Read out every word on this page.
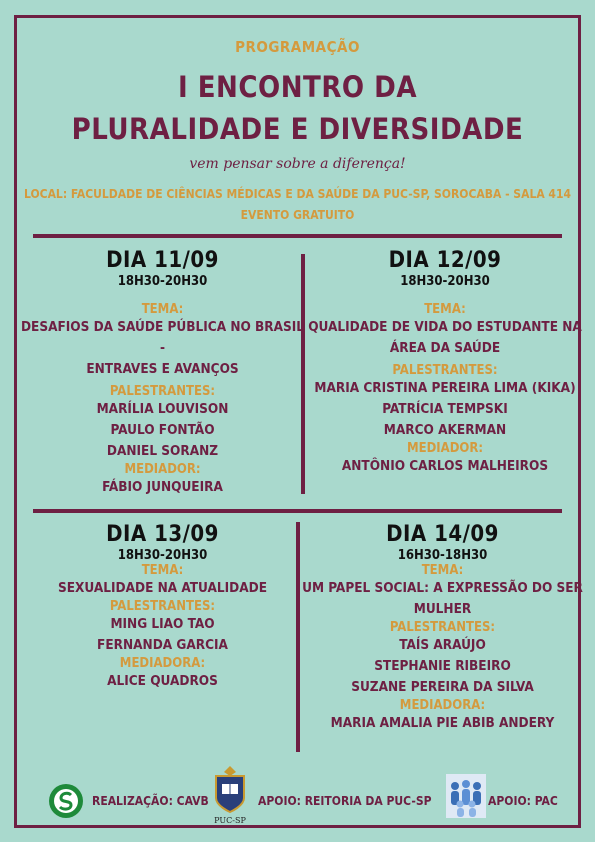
PROGRAMAÇÃO
I ENCONTRO DA
PLURALIDADE E DIVERSIDADE
vem pensar sobre a diferença!
LOCAL: FACULDADE DE CIÊNCIAS MÉDICAS E DA SAÚDE DA PUC-SP, SOROCABA - SALA 414
EVENTO GRATUITO
DIA 11/09
18H30-20H30
TEMA:
DESAFIOS DA SAÚDE PÚBLICA NO BRASIL -
ENTRAVES E AVANÇOS
PALESTRANTES:
MARÍLIA LOUVISON
PAULO FONTÃO
DANIEL SORANZ
MEDIADOR:
FÁBIO JUNQUEIRA
DIA 12/09
18H30-20H30
TEMA:
QUALIDADE DE VIDA DO ESTUDANTE NA
ÁREA DA SAÚDE
PALESTRANTES:
MARIA CRISTINA PEREIRA LIMA (KIKA)
PATRÍCIA TEMPSKI
MARCO AKERMAN
MEDIADOR:
ANTÔNIO CARLOS MALHEIROS
DIA 13/09
18H30-20H30
TEMA:
SEXUALIDADE NA ATUALIDADE
PALESTRANTES:
MING LIAO TAO
FERNANDA GARCIA
MEDIADORA:
ALICE QUADROS
DIA 14/09
16H30-18H30
TEMA:
UM PAPEL SOCIAL: A EXPRESSÃO DO SER
MULHER
PALESTRANTES:
TAÍS ARAÚJO
STEPHANIE RIBEIRO
SUZANE PEREIRA DA SILVA
MEDIADORA:
MARIA AMALIA PIE ABIB ANDERY
REALIZAÇÃO: CAVB
PUC-SP
APOIO: REITORIA DA PUC-SP	APOIO: PAC
